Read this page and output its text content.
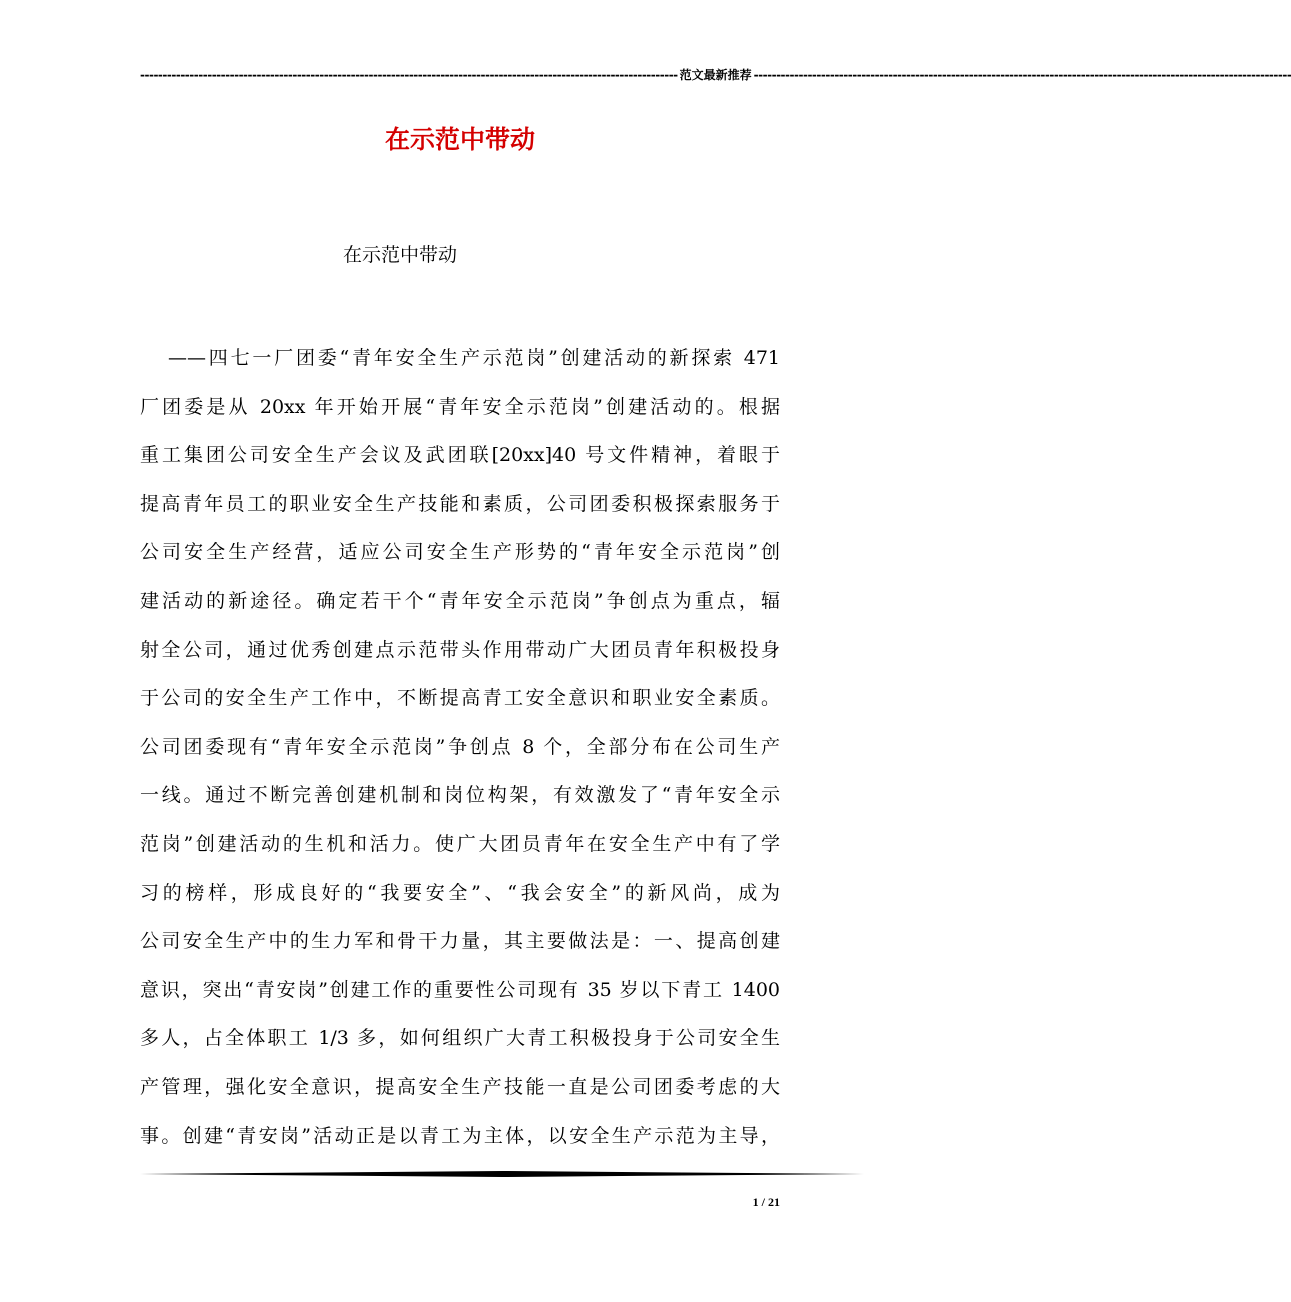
------------------------------------------------------------------------------------------------------------------------ 范文最新推荐 ------------------------------------------------------------------------------------------------------------------------
在示范中带动
在示范中带动
——四七一厂团委“青年安全生产示范岗”创建活动的新探索 471
厂团委是从 20xx 年开始开展“青年安全示范岗”创建活动的。根据
重工集团公司安全生产会议及武团联[20xx]40 号文件精神，着眼于
提高青年员工的职业安全生产技能和素质，公司团委积极探索服务于
公司安全生产经营，适应公司安全生产形势的“青年安全示范岗”创
建活动的新途径。确定若干个“青年安全示范岗”争创点为重点，辐
射全公司，通过优秀创建点示范带头作用带动广大团员青年积极投身
于公司的安全生产工作中，不断提高青工安全意识和职业安全素质。
公司团委现有“青年安全示范岗”争创点 8 个，全部分布在公司生产
一线。通过不断完善创建机制和岗位构架，有效激发了“青年安全示
范岗”创建活动的生机和活力。使广大团员青年在安全生产中有了学
习的榜样，形成良好的“我要安全”、“我会安全”的新风尚，成为
公司安全生产中的生力军和骨干力量，其主要做法是：一、提高创建
意识，突出“青安岗”创建工作的重要性公司现有 35 岁以下青工 1400
多人，占全体职工 1/3 多，如何组织广大青工积极投身于公司安全生
产管理，强化安全意识，提高安全生产技能一直是公司团委考虑的大
事。创建“青安岗”活动正是以青工为主体，以安全生产示范为主导，
1 / 21
